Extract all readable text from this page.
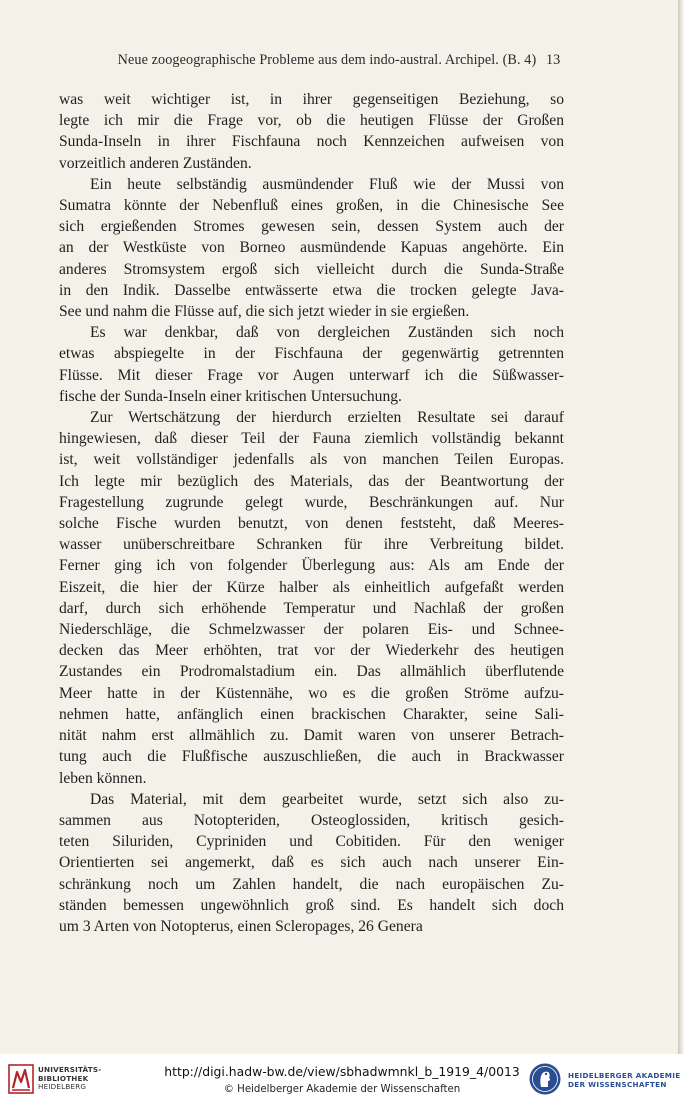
Neue zoogeographische Probleme aus dem indo-austral. Archipel. (B. 4) 13

was weit wichtiger ist, in ihrer gegenseitigen Beziehung, so
legte ich mir die Frage vor, ob die heutigen Flüsse der Großen
Sunda-Inseln in ihrer Fischfauna noch Kennzeichen aufweisen von
vorzeitlich anderen Zuständen.

Ein heute selbständig ausmündender Fluß wie der Mussi von
Sumatra könnte der Nebenfluß eines großen, in die Chinesische See
sich ergießenden Stromes gewesen sein, dessen System auch der
an der Westküste von Borneo ausmündende Kapuas angehörte. Ein
anderes Stromsystem ergoß sich vielleicht durch die Sunda-Straße
in den Indik. Dasselbe entwässerte etwa die trocken gelegte Java-
See und nahm die Flüsse auf, die sich jetzt wieder in sie ergießen.

Es war denkbar, daß von dergleichen Zuständen sich noch
etwas abspiegelte in der Fischfauna der gegenwärtig getrennten
Flüsse. Mit dieser Frage vor Augen unterwarf ich die Süßwasser-
fische der Sunda-Inseln einer kritischen Untersuchung.

Zur Wertschätzung der hierdurch erzielten Resultate sei darauf
hingewiesen, daß dieser Teil der Fauna ziemlich vollständig bekannt
ist, weit vollständiger jedenfalls als von manchen Teilen Europas.
Ich legte mir bezüglich des Materials, das der Beantwortung der
Fragestellung zugrunde gelegt wurde, Beschränkungen auf. Nur
solche Fische wurden benutzt, von denen feststeht, daß Meeres-
wasser unüberschreitbare Schranken für ihre Verbreitung bildet.
Ferner ging ich von folgender Überlegung aus: Als am Ende der
Eiszeit, die hier der Kürze halber als einheitlich aufgefaßt werden
darf, durch sich erhöhende Temperatur und Nachlaß der großen
Niederschläge, die Schmelzwasser der polaren Eis- und Schnee-
decken das Meer erhöhten, trat vor der Wiederkehr des heutigen
Zustandes ein Prodromalstadium ein. Das allmählich überflutende
Meer hatte in der Küstennähe, wo es die großen Ströme aufzu-
nehmen hatte, anfänglich einen brackischen Charakter, seine Sali-
nität nahm erst allmählich zu. Damit waren von unserer Betrach-
tung auch die Flußfische auszuschließen, die auch in Brackwasser
leben können.

Das Material, mit dem gearbeitet wurde, setzt sich also zu-
sammen aus Notopteriden, Osteoglossiden, kritisch gesich-
teten Siluriden, Cypriniden und Cobitiden. Für den weniger
Orientierten sei angemerkt, daß es sich auch nach unserer Ein-
schränkung noch um Zahlen handelt, die nach europäischen Zu-
ständen bemessen ungewöhnlich groß sind. Es handelt sich doch
um 3 Arten von Notopterus, einen Scleropages, 26 Genera

UNIVERSITÄTS-
BIBLIOTHEK
HEIDELBERG
http://digi.hadw-bw.de/view/sbhadwmnkl_b_1919_4/0013
© Heidelberger Akademie der Wissenschaften
HEIDELBERGER AKADEMIE
DER WISSENSCHAFTEN
